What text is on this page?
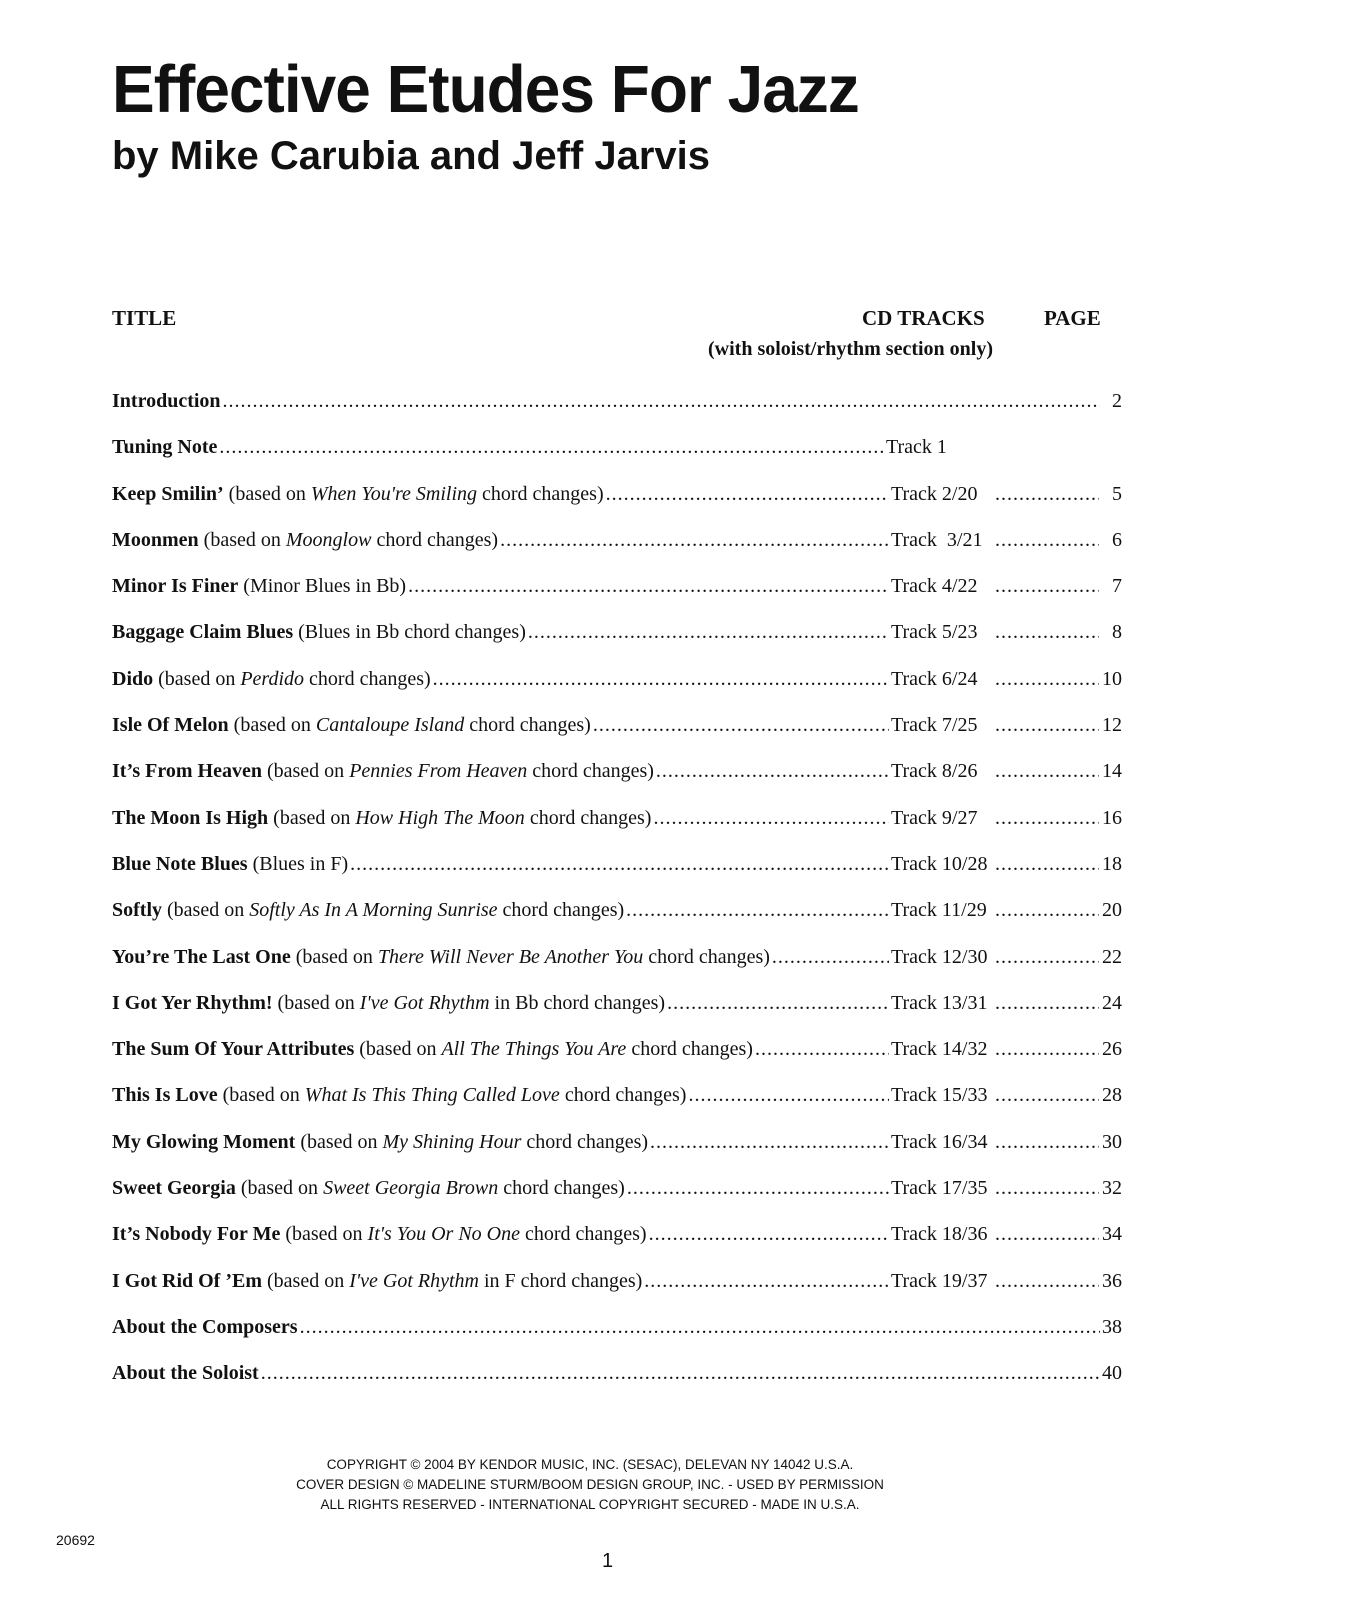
Effective Etudes For Jazz
by Mike Carubia and Jeff Jarvis
TITLE	CD TRACKS	PAGE
(with soloist/rhythm section only)
Introduction .....	2
Tuning Note .....	Track 1
Keep Smilin’ (based on When You're Smiling chord changes) .....	Track 2/20 .....	5
Moonmen (based on Moonglow chord changes) .....	Track  3/21 .....	6
Minor Is Finer (Minor Blues in Bb) .....	Track 4/22 .....	7
Baggage Claim Blues (Blues in Bb chord changes) .....	Track 5/23 .....	8
Dido (based on Perdido chord changes) .....	Track 6/24 .....	10
Isle Of Melon (based on Cantaloupe Island chord changes) .....	Track 7/25 .....	12
It’s From Heaven (based on Pennies From Heaven chord changes) .....	Track 8/26 .....	14
The Moon Is High (based on How High The Moon chord changes) .....	Track 9/27 .....	16
Blue Note Blues (Blues in F) .....	Track 10/28 .....	18
Softly (based on Softly As In A Morning Sunrise chord changes) .....	Track 11/29 .....	20
You’re The Last One (based on There Will Never Be Another You chord changes) .....	Track 12/30 .....	22
I Got Yer Rhythm! (based on I've Got Rhythm in Bb chord changes) .....	Track 13/31 .....	24
The Sum Of Your Attributes (based on All The Things You Are chord changes) .....	Track 14/32 .....	26
This Is Love (based on What Is This Thing Called Love chord changes) .....	Track 15/33 .....	28
My Glowing Moment (based on My Shining Hour chord changes) .....	Track 16/34 .....	30
Sweet Georgia (based on Sweet Georgia Brown chord changes) .....	Track 17/35 .....	32
It’s Nobody For Me (based on It's You Or No One chord changes) .....	Track 18/36 .....	34
I Got Rid Of ’Em (based on I've Got Rhythm in F chord changes) .....	Track 19/37 .....	36
About the Composers .....	38
About the Soloist .....	40
COPYRIGHT © 2004 BY KENDOR MUSIC, INC. (SESAC), DELEVAN NY 14042 U.S.A.
COVER DESIGN © MADELINE STURM/BOOM DESIGN GROUP, INC. - USED BY PERMISSION
ALL RIGHTS RESERVED - INTERNATIONAL COPYRIGHT SECURED - MADE IN U.S.A.
20692
1
